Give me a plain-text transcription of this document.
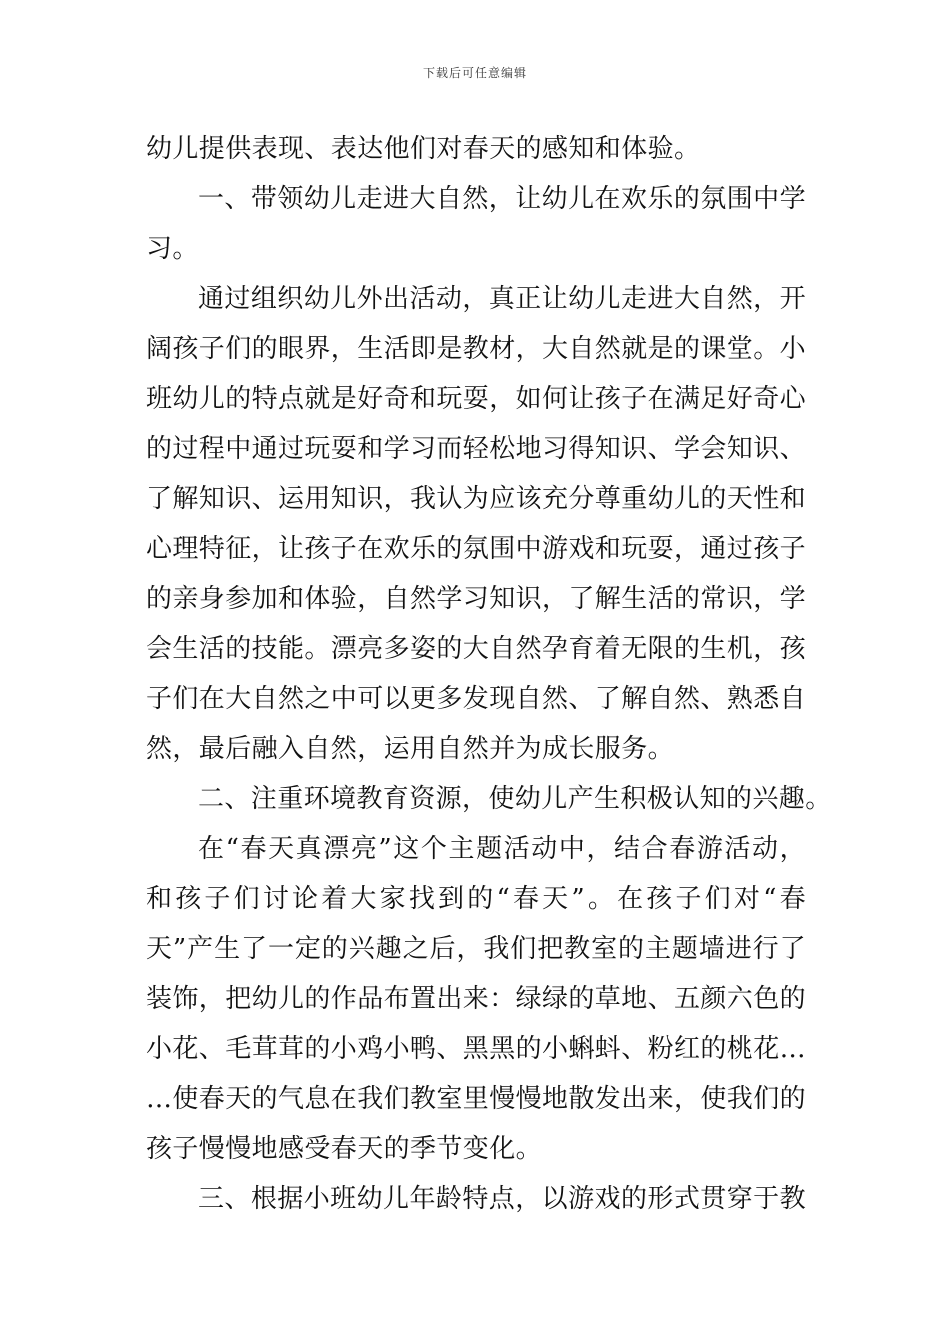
下载后可任意编辑
幼儿提供表现、表达他们对春天的感知和体验。
一、带领幼儿走进大自然，让幼儿在欢乐的氛围中学
习。
通过组织幼儿外出活动，真正让幼儿走进大自然，开
阔孩子们的眼界，生活即是教材，大自然就是的课堂。小
班幼儿的特点就是好奇和玩耍，如何让孩子在满足好奇心
的过程中通过玩耍和学习而轻松地习得知识、学会知识、
了解知识、运用知识，我认为应该充分尊重幼儿的天性和
心理特征，让孩子在欢乐的氛围中游戏和玩耍，通过孩子
的亲身参加和体验，自然学习知识，了解生活的常识，学
会生活的技能。漂亮多姿的大自然孕育着无限的生机，孩
子们在大自然之中可以更多发现自然、了解自然、熟悉自
然，最后融入自然，运用自然并为成长服务。
二、注重环境教育资源，使幼儿产生积极认知的兴趣。
在“春天真漂亮”这个主题活动中，结合春游活动，
和孩子们讨论着大家找到的“春天”。在孩子们对“春
天”产生了一定的兴趣之后，我们把教室的主题墙进行了
装饰，把幼儿的作品布置出来：绿绿的草地、五颜六色的
小花、毛茸茸的小鸡小鸭、黑黑的小蝌蚪、粉红的桃花…
…使春天的气息在我们教室里慢慢地散发出来，使我们的
孩子慢慢地感受春天的季节变化。
三、根据小班幼儿年龄特点，以游戏的形式贯穿于教
